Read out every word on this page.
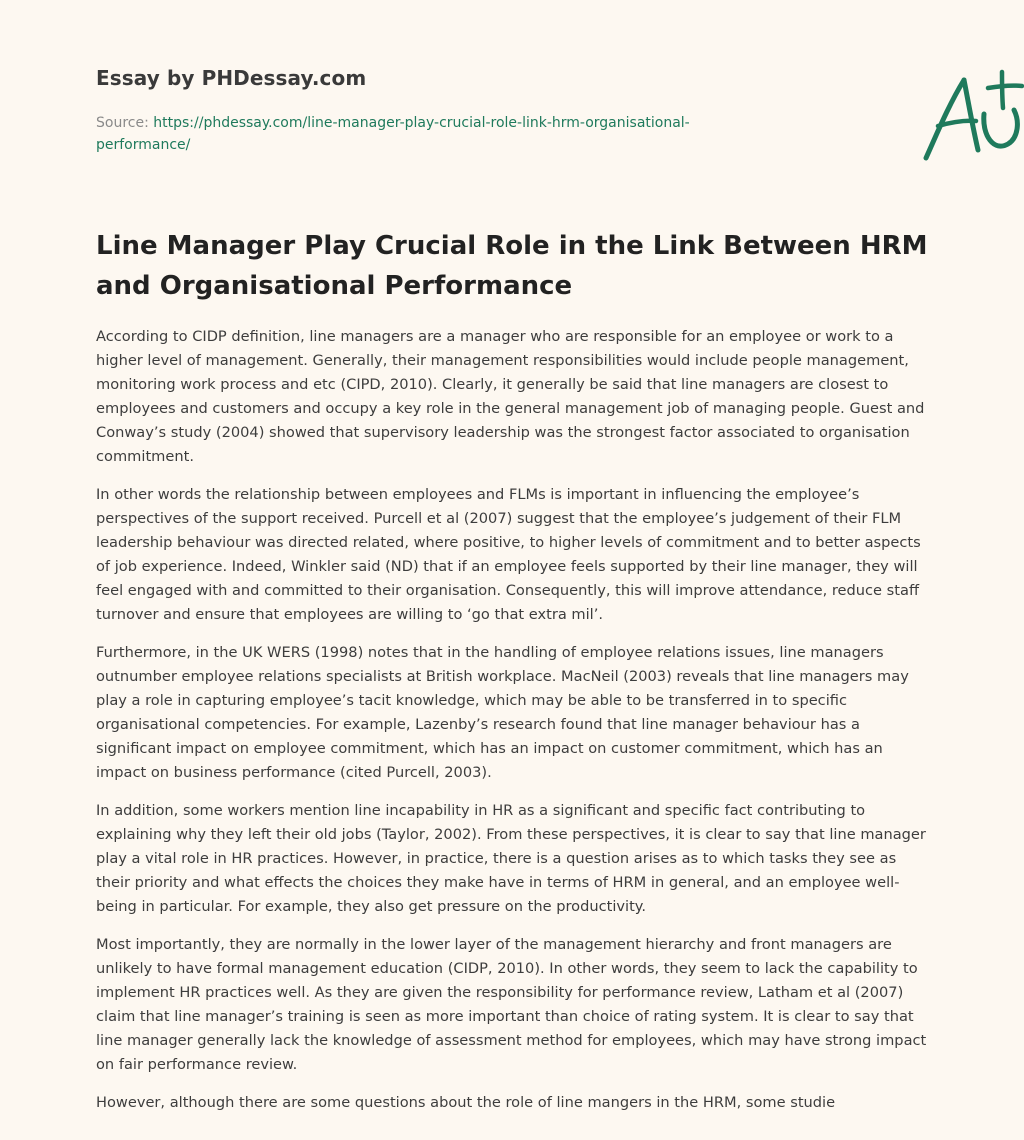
Essay by PHDessay.com
Source: https://phdessay.com/line-manager-play-crucial-role-link-hrm-organisational-performance/
Line Manager Play Crucial Role in the Link Between HRM and Organisational Performance

According to CIDP definition, line managers are a manager who are responsible for an employee or work to a higher level of management. Generally, their management responsibilities would include people management, monitoring work process and etc (CIPD, 2010). Clearly, it generally be said that line managers are closest to employees and customers and occupy a key role in the general management job of managing people. Guest and Conway’s study (2004) showed that supervisory leadership was the strongest factor associated to organisation commitment.

In other words the relationship between employees and FLMs is important in influencing the employee’s perspectives of the support received. Purcell et al (2007) suggest that the employee’s judgement of their FLM leadership behaviour was directed related, where positive, to higher levels of commitment and to better aspects of job experience. Indeed, Winkler said (ND) that if an employee feels supported by their line manager, they will feel engaged with and committed to their organisation. Consequently, this will improve attendance, reduce staff turnover and ensure that employees are willing to ‘go that extra mil’.

Furthermore, in the UK WERS (1998) notes that in the handling of employee relations issues, line managers outnumber employee relations specialists at British workplace. MacNeil (2003) reveals that line managers may play a role in capturing employee’s tacit knowledge, which may be able to be transferred in to specific organisational competencies. For example, Lazenby’s research found that line manager behaviour has a significant impact on employee commitment, which has an impact on customer commitment, which has an impact on business performance (cited Purcell, 2003).

In addition, some workers mention line incapability in HR as a significant and specific fact contributing to explaining why they left their old jobs (Taylor, 2002). From these perspectives, it is clear to say that line manager play a vital role in HR practices. However, in practice, there is a question arises as to which tasks they see as their priority and what effects the choices they make have in terms of HRM in general, and an employee well-being in particular. For example, they also get pressure on the productivity.

Most importantly, they are normally in the lower layer of the management hierarchy and front managers are unlikely to have formal management education (CIDP, 2010). In other words, they seem to lack the capability to implement HR practices well. As they are given the responsibility for performance review, Latham et al (2007) claim that line manager’s training is seen as more important than choice of rating system. It is clear to say that line manager generally lack the knowledge of assessment method for employees, which may have strong impact on fair performance review.

However, although there are some questions about the role of line mangers in the HRM, some studie
